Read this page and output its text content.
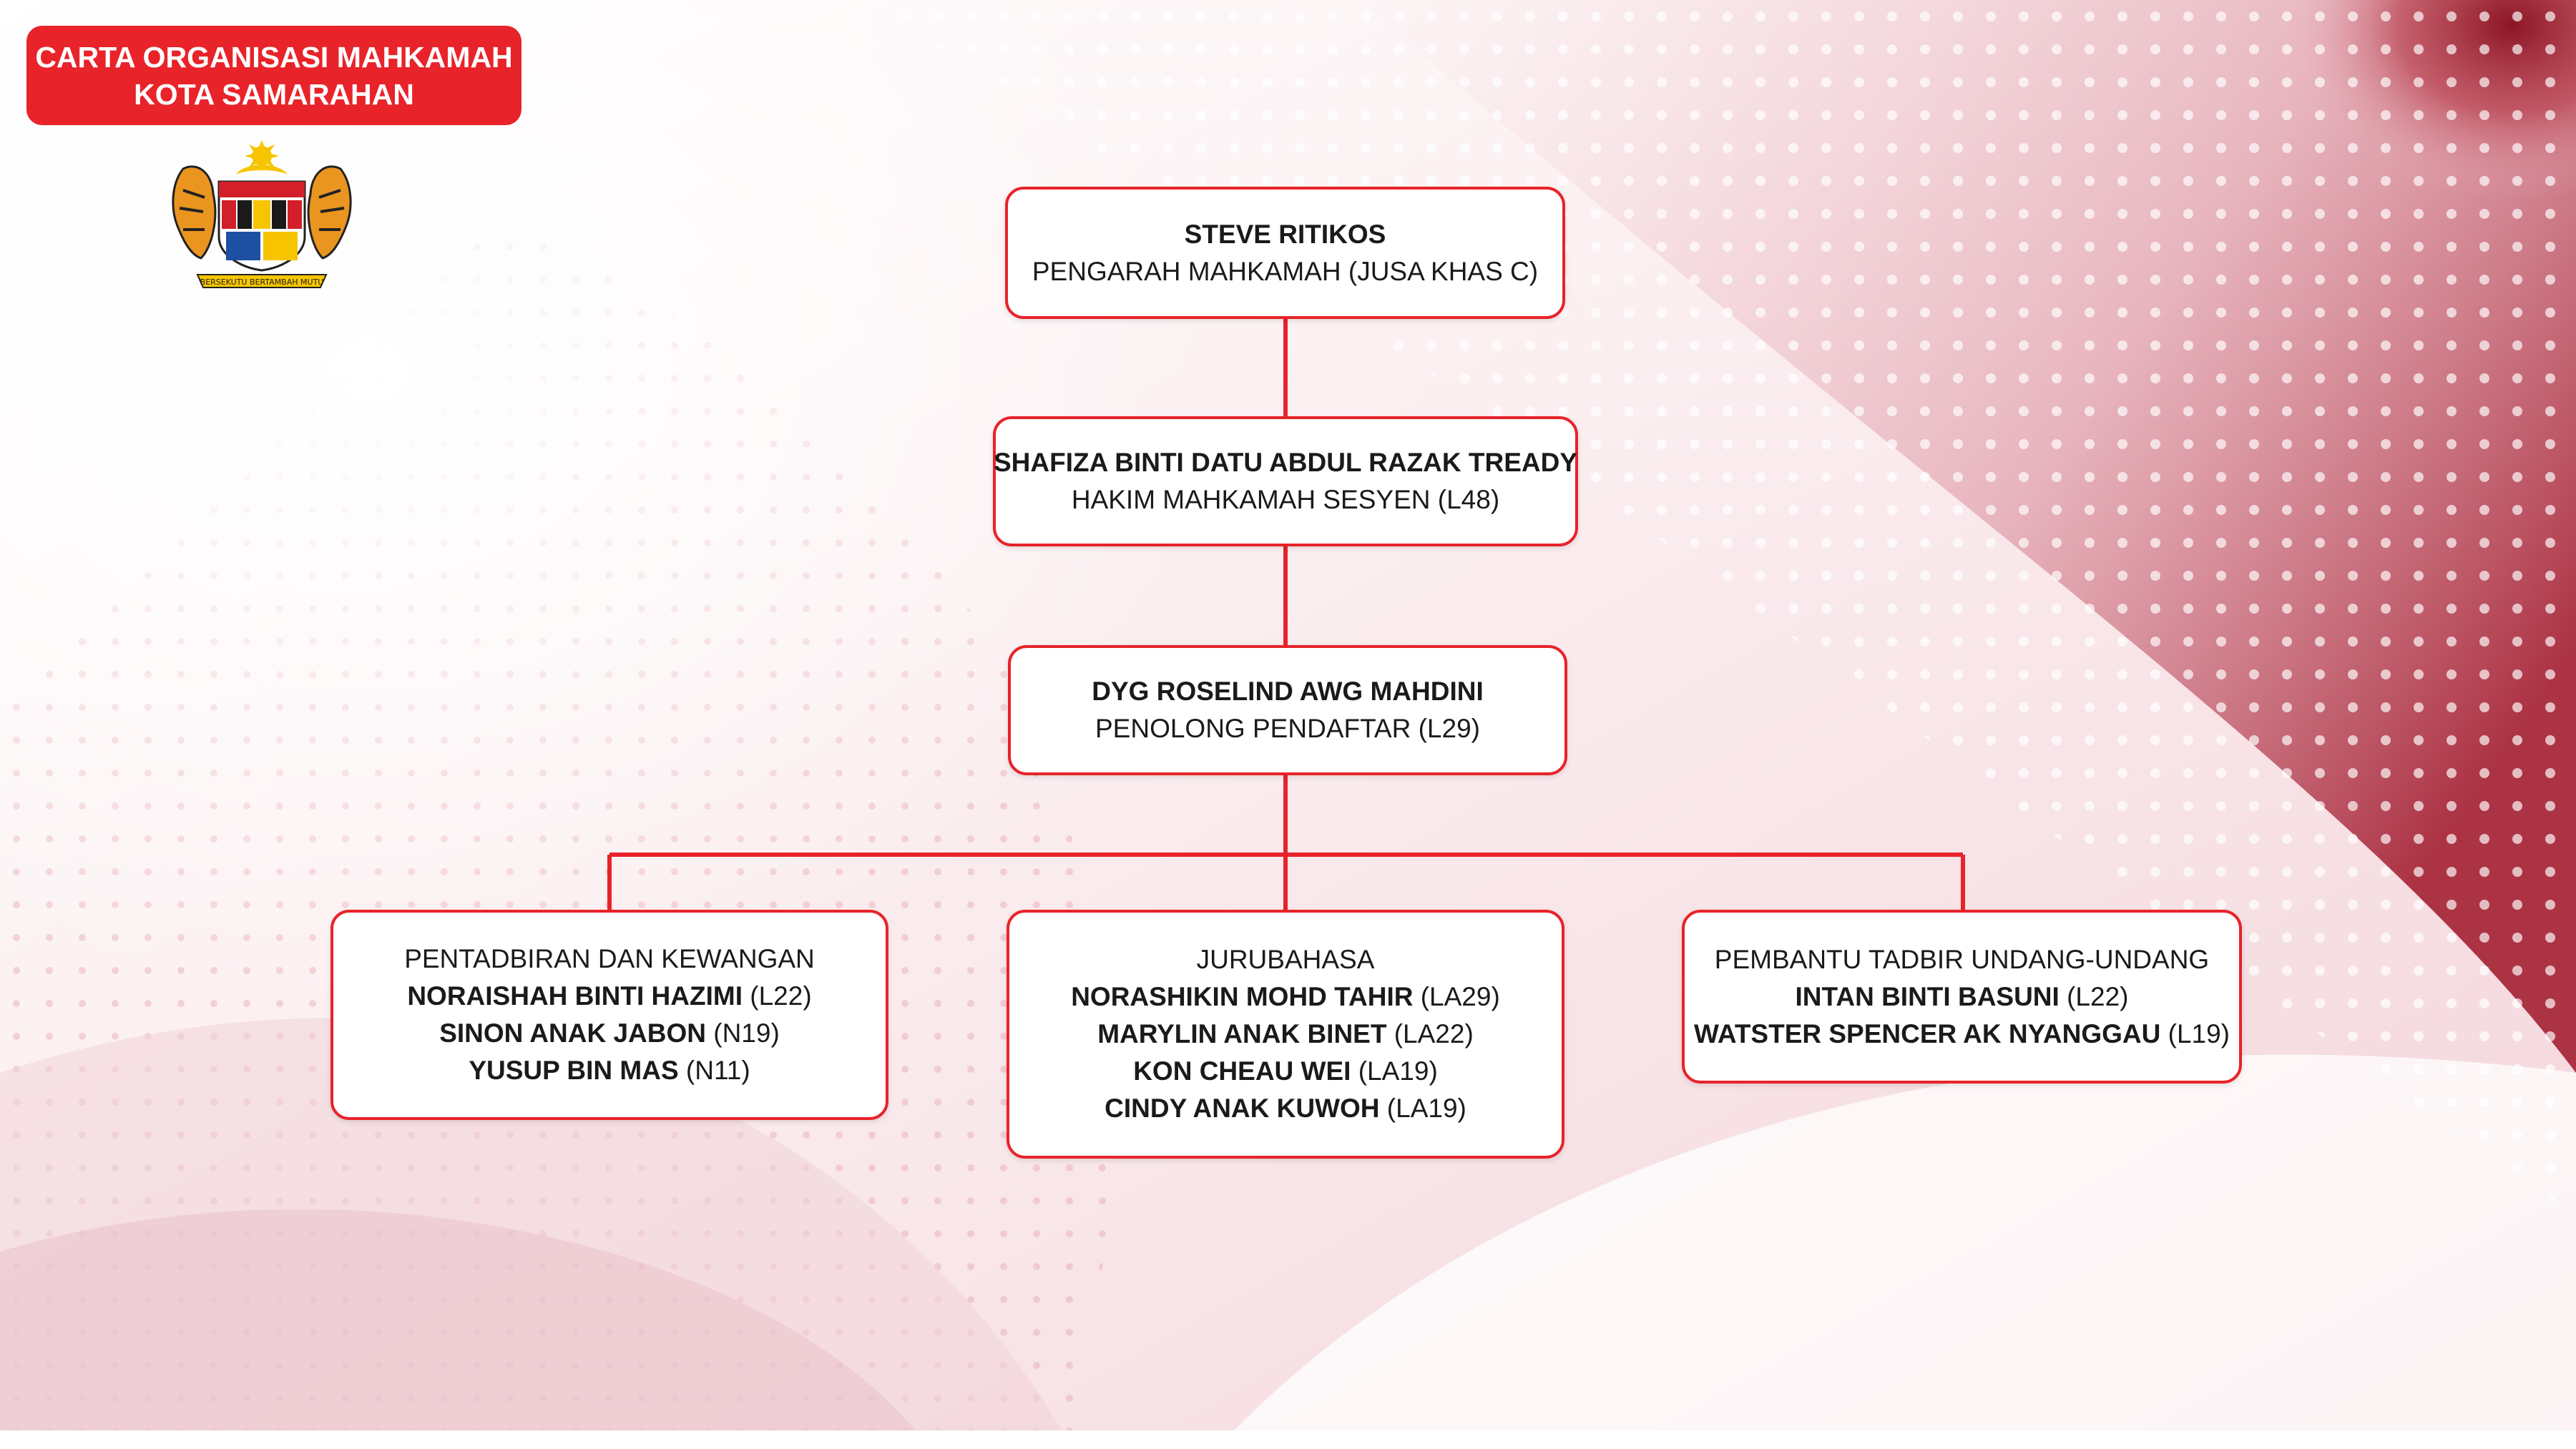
CARTA ORGANISASI MAHKAMAH
KOTA SAMARAHAN
BERSEKUTU BERTAMBAH MUTU
STEVE RITIKOS
PENGARAH MAHKAMAH (JUSA KHAS C)
SHAFIZA BINTI DATU ABDUL RAZAK TREADY
HAKIM MAHKAMAH SESYEN (L48)
DYG ROSELIND AWG MAHDINI
PENOLONG PENDAFTAR (L29)
PENTADBIRAN DAN KEWANGAN
NORAISHAH BINTI HAZIMI (L22)
SINON ANAK JABON (N19)
YUSUP BIN MAS (N11)
JURUBAHASA
NORASHIKIN MOHD TAHIR (LA29)
MARYLIN ANAK BINET (LA22)
KON CHEAU WEI (LA19)
CINDY ANAK KUWOH (LA19)
PEMBANTU TADBIR UNDANG-UNDANG
INTAN BINTI BASUNI (L22)
WATSTER SPENCER AK NYANGGAU (L19)
